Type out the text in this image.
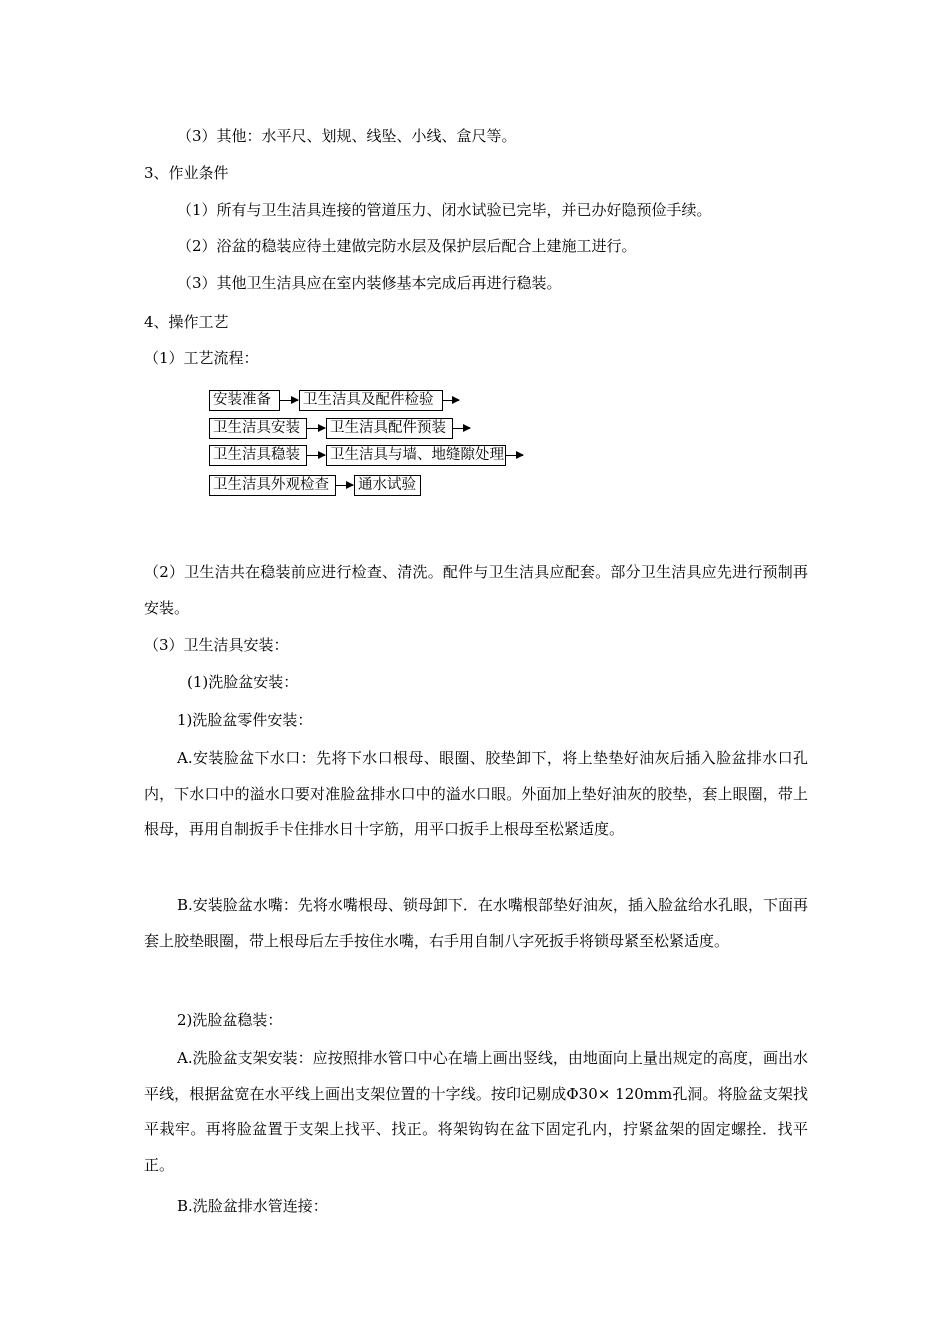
（3）其他：水平尺、划规、线坠、小线、盒尺等。
3、作业条件
（1）所有与卫生洁具连接的管道压力、闭水试验已完毕，并已办好隐预俭手续。
（2）浴盆的稳装应待土建做完防水层及保护层后配合上建施工进行。
（3）其他卫生洁具应在室内装修基本完成后再进行稳装。
4、操作工艺
（1）工艺流程：
安装准备	卫生洁具及配件检验
卫生洁具安装	卫生洁具配件预装
卫生洁具稳装	卫生洁具与墙、地缝隙处理
卫生洁具外观检查	通水试验
（2）卫生洁共在稳装前应进行检查、清洗。配件与卫生洁具应配套。部分卫生洁具应先进行预制再安装。
（3）卫生洁具安装：
(1)洗脸盆安装：
1)洗脸盆零件安装：
A.安装脸盆下水口：先将下水口根母、眼圈、胶垫卸下，将上垫垫好油灰后插入脸盆排水口孔内，下水口中的溢水口要对准脸盆排水口中的溢水口眼。外面加上垫好油灰的胶垫，套上眼圈，带上根母，再用自制扳手卡住排水日十字筋，用平口扳手上根母至松紧适度。
B.安装脸盆水嘴：先将水嘴根母、锁母卸下．在水嘴根部垫好油灰，插入脸盆给水孔眼，下面再套上胶垫眼圈，带上根母后左手按住水嘴，右手用自制八字死扳手将锁母紧至松紧适度。
2)洗脸盆稳装：
A.洗脸盆支架安装：应按照排水管口中心在墙上画出竖线，由地面向上量出规定的高度，画出水平线，根据盆宽在水平线上画出支架位置的十字线。按印记剔成Φ30× 120mm孔洞。将脸盆支架找平栽牢。再将脸盆置于支架上找平、找正。将架钩钩在盆下固定孔内，拧紧盆架的固定螺拴．找平正。
B.洗脸盆排水管连接：
